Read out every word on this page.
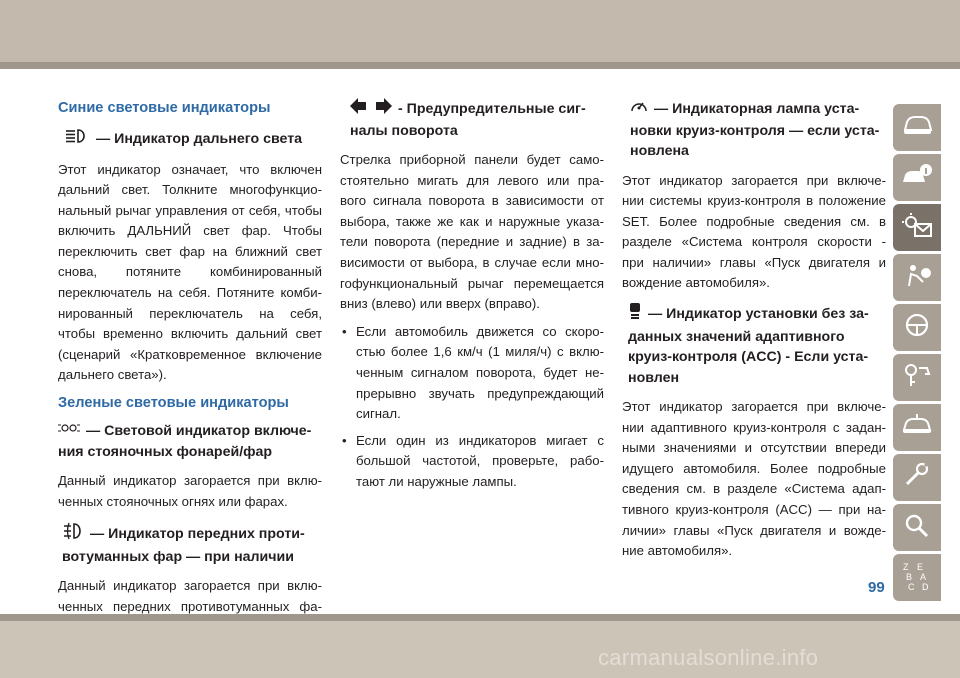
Синие световые индикаторы
— Индикатор дальнего света

Этот индикатор означает, что включен дальний свет. Толкните многофункцио-нальный рычаг управления от себя, чтобы включить ДАЛЬНИЙ свет фар. Чтобы переключить свет фар на ближний свет снова, потяните комбинированный переключатель на себя. Потяните комби-нированный переключатель на себя, чтобы временно включить дальний свет (сценарий «Кратковременное включение дальнего света»).

Зеленые световые индикаторы
— Световой индикатор включе-ния стояночных фонарей/фар

Данный индикатор загорается при вклю-ченных стояночных огнях или фарах.

— Индикатор передних проти-вотуманных фар — при наличии

Данный индикатор загорается при вклю-ченных передних противотуманных фа-

- Предупредительные сиг-налы поворота

Стрелка приборной панели будет само-стоятельно мигать для левого или пра-вого сигнала поворота в зависимости от выбора, также же как и наружные указа-тели поворота (передние и задние) в за-висимости от выбора, в случае если мно-гофункциональный рычаг перемещается вниз (влево) или вверх (вправо).

• Если автомобиль движется со скоро-стью более 1,6 км/ч (1 миля/ч) с вклю-ченным сигналом поворота, будет не-прерывно звучать предупреждающий сигнал.
• Если один из индикаторов мигает с большой частотой, проверьте, рабо-тают ли наружные лампы.
— Индикаторная лампа уста-новки круиз-контроля — если уста-новлена

Этот индикатор загорается при включе-нии системы круиз-контроля в положение SET. Более подробные сведения см. в разделе «Система контроля скорости - при наличии» главы «Пуск двигателя и вождение автомобиля».

— Индикатор установки без за-данных значений адаптивного круиз-контроля (ACC) - Если уста-новлен

Этот индикатор загорается при включе-нии адаптивного круиз-контроля с задан-ными значениями и отсутствии впереди идущего автомобиля. Более подробные сведения см. в разделе «Система адап-тивного круиз-контроля (ACC) — при на-личии» главы «Пуск двигателя и вожде-ние автомобиля».

Z E
B A
C D
99
carmanualsonline.info
